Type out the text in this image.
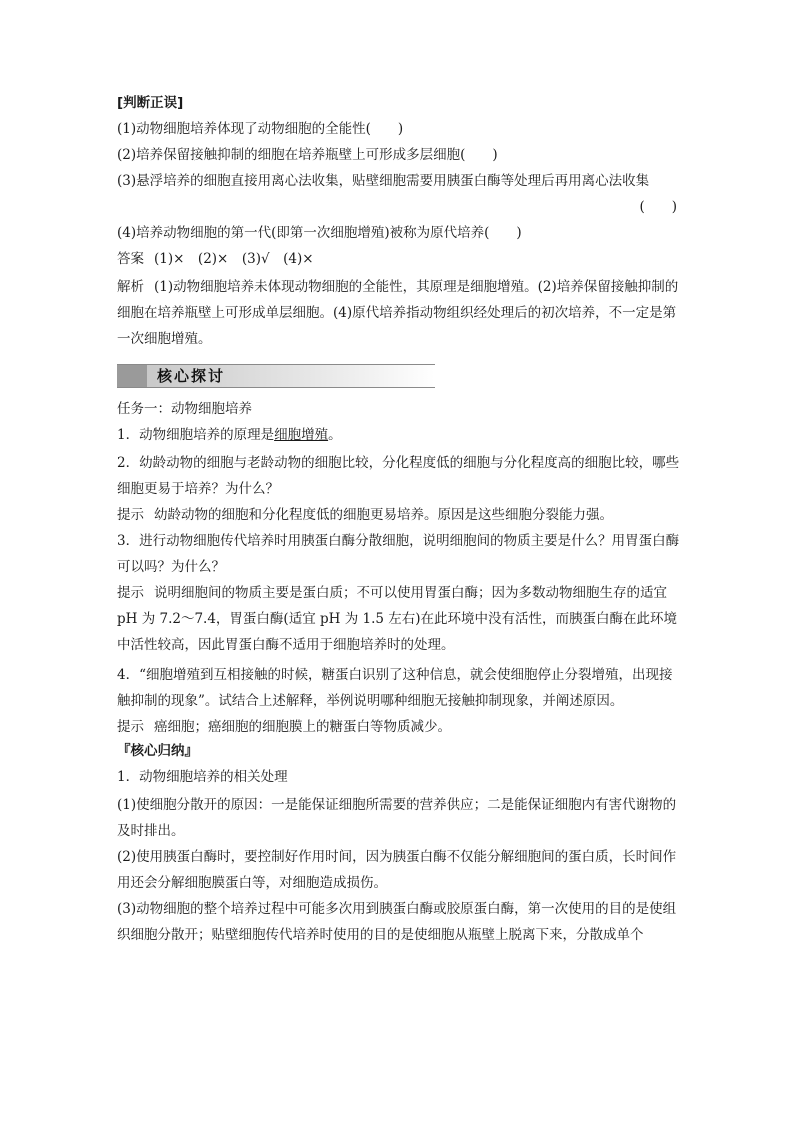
[判断正误]
(1)动物细胞培养体现了动物细胞的全能性(　　)
(2)培养保留接触抑制的细胞在培养瓶壁上可形成多层细胞(　　)
(3)悬浮培养的细胞直接用离心法收集，贴壁细胞需要用胰蛋白酶等处理后再用离心法收集
(　　)
(4)培养动物细胞的第一代(即第一次细胞增殖)被称为原代培养(　　)
答案 (1)×　(2)×　(3)√　(4)×
解析 (1)动物细胞培养未体现动物细胞的全能性，其原理是细胞增殖。(2)培养保留接触抑制的细胞在培养瓶壁上可形成单层细胞。(4)原代培养指动物组织经处理后的初次培养，不一定是第一次细胞增殖。
核心探讨
任务一：动物细胞培养
1．动物细胞培养的原理是细胞增殖。
2．幼龄动物的细胞与老龄动物的细胞比较，分化程度低的细胞与分化程度高的细胞比较，哪些细胞更易于培养？为什么？
提示 幼龄动物的细胞和分化程度低的细胞更易培养。原因是这些细胞分裂能力强。
3．进行动物细胞传代培养时用胰蛋白酶分散细胞，说明细胞间的物质主要是什么？用胃蛋白酶可以吗？为什么？
提示 说明细胞间的物质主要是蛋白质；不可以使用胃蛋白酶；因为多数动物细胞生存的适宜 pH 为 7.2～7.4，胃蛋白酶(适宜 pH 为 1.5 左右)在此环境中没有活性，而胰蛋白酶在此环境中活性较高，因此胃蛋白酶不适用于细胞培养时的处理。
4．“细胞增殖到互相接触的时候，糖蛋白识别了这种信息，就会使细胞停止分裂增殖，出现接触抑制的现象”。试结合上述解释，举例说明哪种细胞无接触抑制现象，并阐述原因。
提示 癌细胞；癌细胞的细胞膜上的糖蛋白等物质减少。
『核心归纳』
1．动物细胞培养的相关处理
(1)使细胞分散开的原因：一是能保证细胞所需要的营养供应；二是能保证细胞内有害代谢物的及时排出。
(2)使用胰蛋白酶时，要控制好作用时间，因为胰蛋白酶不仅能分解细胞间的蛋白质，长时间作用还会分解细胞膜蛋白等，对细胞造成损伤。
(3)动物细胞的整个培养过程中可能多次用到胰蛋白酶或胶原蛋白酶，第一次使用的目的是使组织细胞分散开；贴壁细胞传代培养时使用的目的是使细胞从瓶壁上脱离下来，分散成单个
